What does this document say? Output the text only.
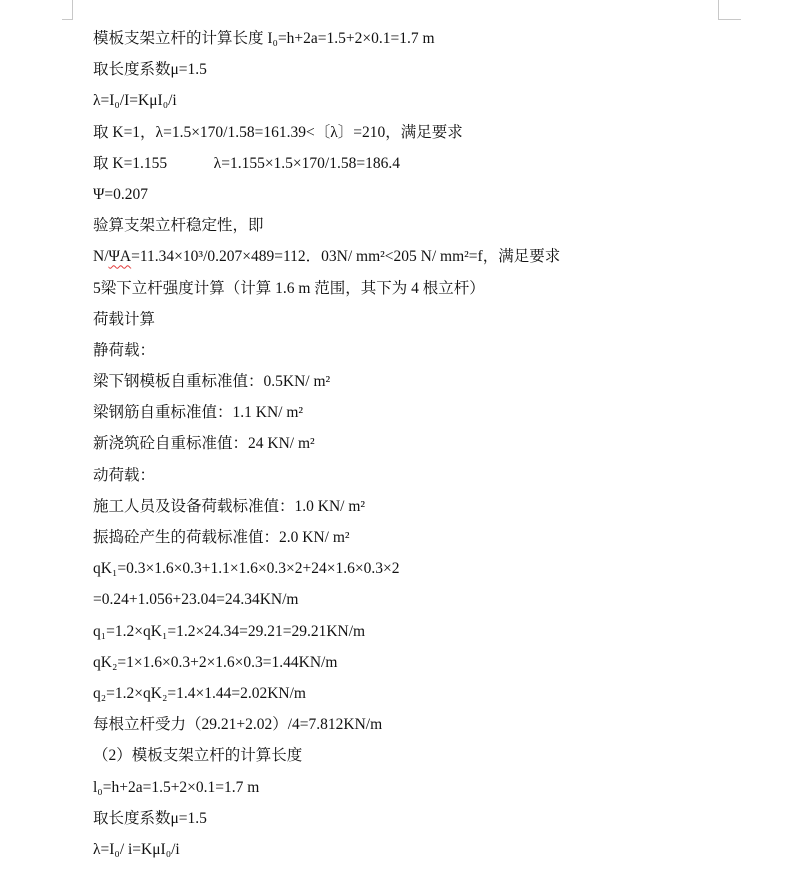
模板支架立杆的计算长度 I₀=h+2a=1.5+2×0.1=1.7 m
取长度系数μ=1.5
λ=I₀/I=KμI₀/i
取 K=1，λ=1.5×170/1.58=161.39<〔λ〕=210，满足要求
取 K=1.155　　　λ=1.155×1.5×170/1.58=186.4
Ψ=0.207
验算支架立杆稳定性，即
N/ΨA=11.34×10³/0.207×489=112．03N/ mm²<205 N/ mm²=f，满足要求
5梁下立杆强度计算（计算 1.6 m 范围，其下为 4 根立杆）
荷载计算
静荷载：
梁下钢模板自重标准值：0.5KN/ m²
梁钢筋自重标准值：1.1 KN/ m²
新浇筑砼自重标准值：24 KN/ m²
动荷载：
施工人员及设备荷载标准值：1.0 KN/ m²
振捣砼产生的荷载标准值：2.0 KN/ m²
qK₁=0.3×1.6×0.3+1.1×1.6×0.3×2+24×1.6×0.3×2
=0.24+1.056+23.04=24.34KN/m
q₁=1.2×qK₁=1.2×24.34=29.21=29.21KN/m
qK₂=1×1.6×0.3+2×1.6×0.3=1.44KN/m
q₂=1.2×qK₂=1.4×1.44=2.02KN/m
每根立杆受力（29.21+2.02）/4=7.812KN/m
（2）模板支架立杆的计算长度
l₀=h+2a=1.5+2×0.1=1.7 m
取长度系数μ=1.5
λ=I₀/ i=KμI₀/i
